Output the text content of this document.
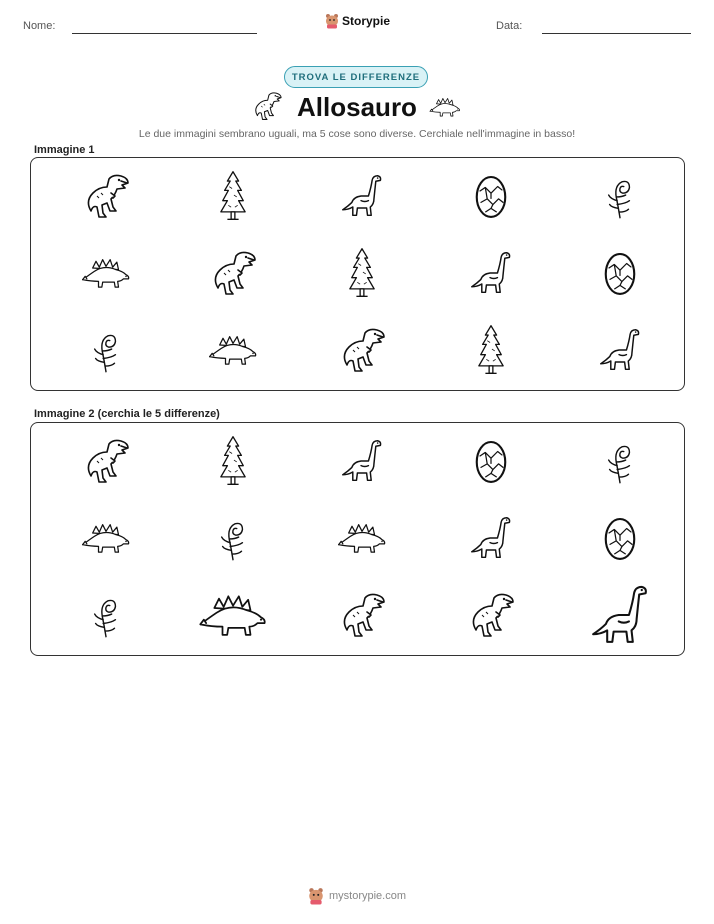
Nome:	Storypie	Data:
TROVA LE DIFFERENZE
Allosauro
Le due immagini sembrano uguali, ma 5 cose sono diverse. Cerchiale nell'immagine in basso!
Immagine 1
Immagine 2 (cerchia le 5 differenze)
mystorypie.com
